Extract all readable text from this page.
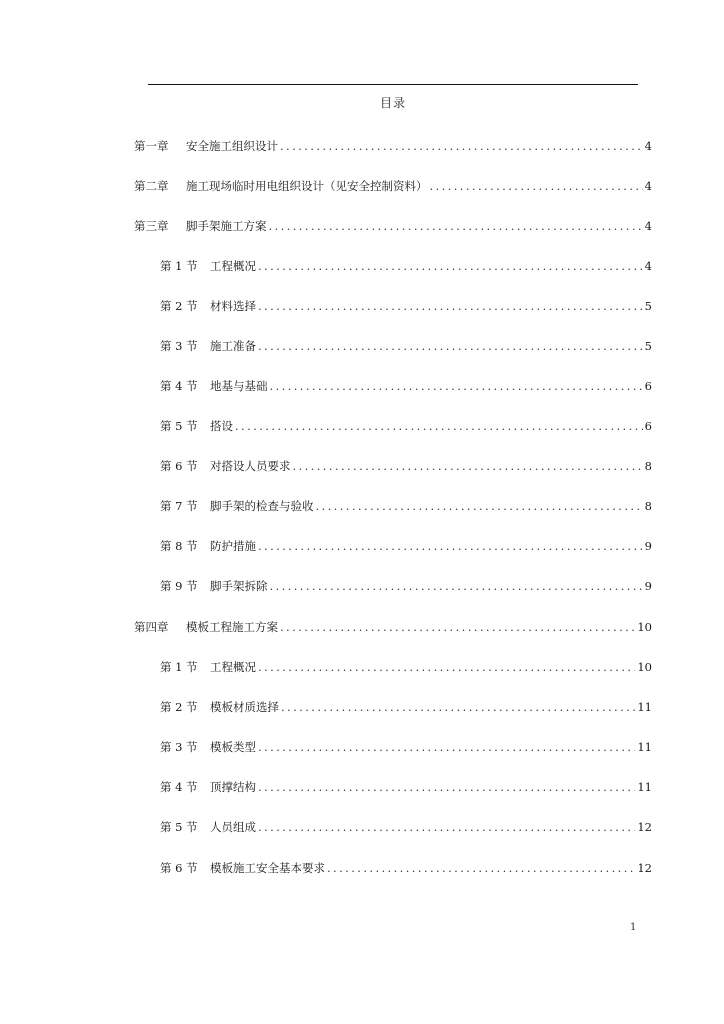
目录
第一章	安全施工组织设计 .....	4
第二章	施工现场临时用电组织设计（见安全控制资料） .....	4
第三章	脚手架施工方案 .....	4
第 1 节	工程概况 .....	4
第 2 节	材料选择 .....	5
第 3 节	施工准备 .....	5
第 4 节	地基与基础 .....	6
第 5 节	搭设 .....	6
第 6 节	对搭设人员要求 .....	8
第 7 节	脚手架的检查与验收 .....	8
第 8 节	防护措施 .....	9
第 9 节	脚手架拆除 .....	9
第四章	模板工程施工方案 .....	10
第 1 节	工程概况 .....	10
第 2 节	模板材质选择 .....	11
第 3 节	模板类型 .....	11
第 4 节	顶撑结构 .....	11
第 5 节	人员组成 .....	12
第 6 节	模板施工安全基本要求 .....	12
1
